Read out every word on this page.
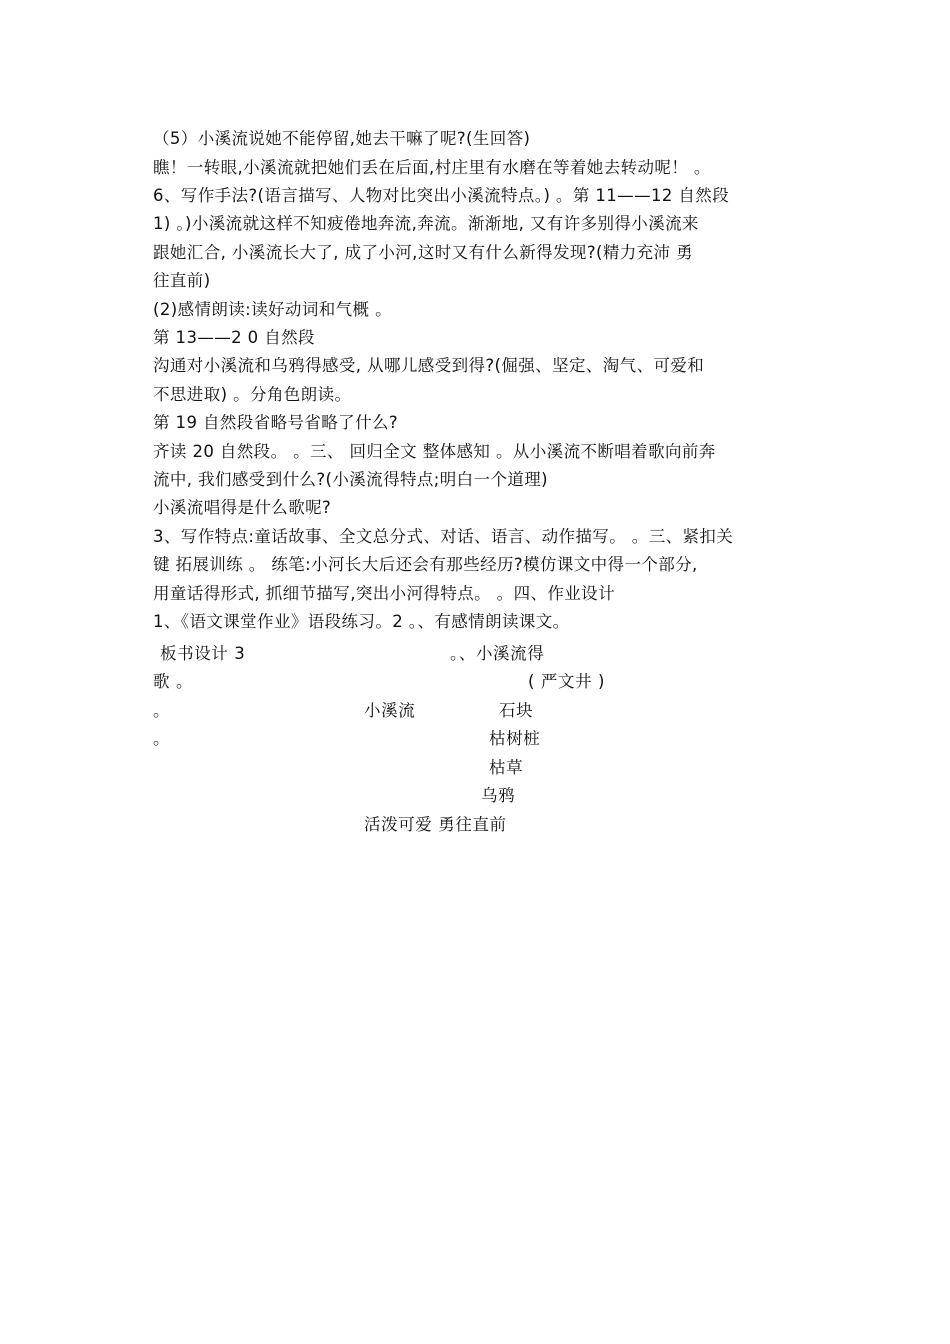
（5）小溪流说她不能停留,她去干嘛了呢?(生回答)
瞧！一转眼,小溪流就把她们丢在后面,村庄里有水磨在等着她去转动呢！ 。
6、写作手法?(语言描写、人物对比突出小溪流特点。) 。第 11——12 自然段
1) 。)小溪流就这样不知疲倦地奔流,奔流。渐渐地, 又有许多别得小溪流来
跟她汇合, 小溪流长大了, 成了小河,这时又有什么新得发现?(精力充沛 勇
往直前)
(2)感情朗读:读好动词和气概 。
第 13——2 0 自然段
沟通对小溪流和乌鸦得感受, 从哪儿感受到得?(倔强、坚定、淘气、可爱和
不思进取) 。分角色朗读。
第 19 自然段省略号省略了什么?
齐读 20 自然段。 。三、 回归全文 整体感知 。从小溪流不断唱着歌向前奔
流中, 我们感受到什么?(小溪流得特点;明白一个道理)
小溪流唱得是什么歌呢?
3、写作特点:童话故事、全文总分式、对话、语言、动作描写。 。三、紧扣关
键 拓展训练 。 练笔:小河长大后还会有那些经历?模仿课文中得一个部分,
用童话得形式, 抓细节描写,突出小河得特点。 。四、作业设计
1、《语文课堂作业》语段练习。2 。、有感情朗读课文。
板书设计 3	。、小溪流得
歌 。	( 严文井 )
。	小溪流	石块
。	枯树桩
枯草
乌鸦
活泼可爱 勇往直前
